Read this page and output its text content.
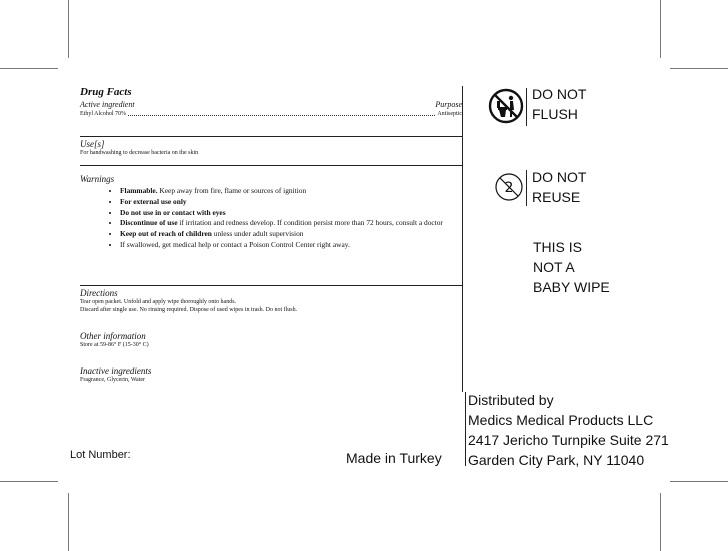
Drug Facts
Active ingredient	Purpose
Ethyl Alcohol 70%	Antiseptic
Use[s]
For handwashing to decrease bacteria on the skin
Warnings
• Flammable. Keep away from fire, flame or sources of ignition
• For external use only
• Do not use in or contact with eyes
• Discontinue of use if irritation and redness develop. If condition persist more than 72 hours, consult a doctor
• Keep out of reach of children unless under adult supervision
• If swallowed, get medical help or contact a Poison Control Center right away.
Directions
Tear open packet. Unfold and apply wipe thoroughly onto hands.
Discard after single use. No rinsing required. Dispose of used wipes in trash. Do not flush.
Other information
Store at 59-86° F (15-30° C)
Inactive ingredients
Fragrance, Glycerin, Water
DO NOT
FLUSH
2
DO NOT
REUSE
THIS IS
NOT A
BABY WIPE
Distributed by
Medics Medical Products LLC
2417 Jericho Turnpike Suite 271
Garden City Park, NY 11040
Lot Number:	Made in Turkey
